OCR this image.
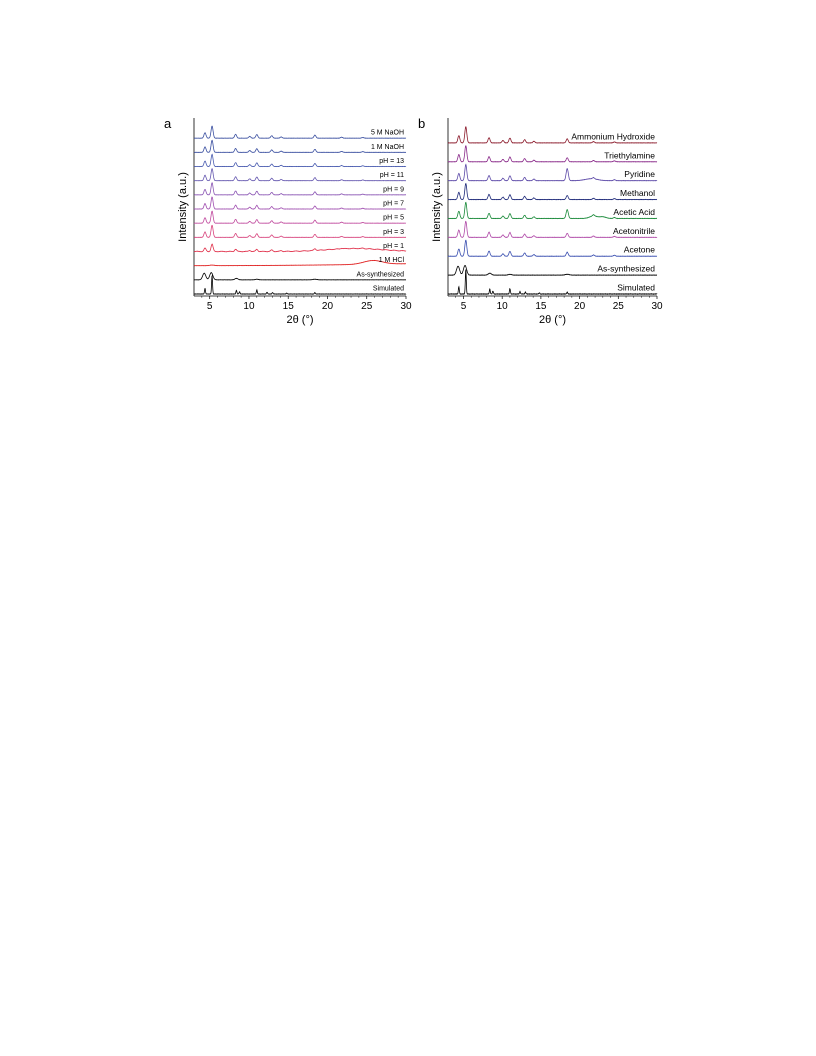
a	b
5	10	15	20	25	30
2θ (°)
Intensity (a.u.)
5 M NaOH
1 M NaOH
pH = 13
pH = 11
pH = 9
pH = 7
pH = 5
pH = 3
pH = 1
1 M HCl
As-synthesized
Simulated
5	10	15	20	25	30
2θ (°)
Intensity (a.u.)
Ammonium Hydroxide
Triethylamine
Pyridine
Methanol
Acetic Acid
Acetonitrile
Acetone
As-synthesized
Simulated
